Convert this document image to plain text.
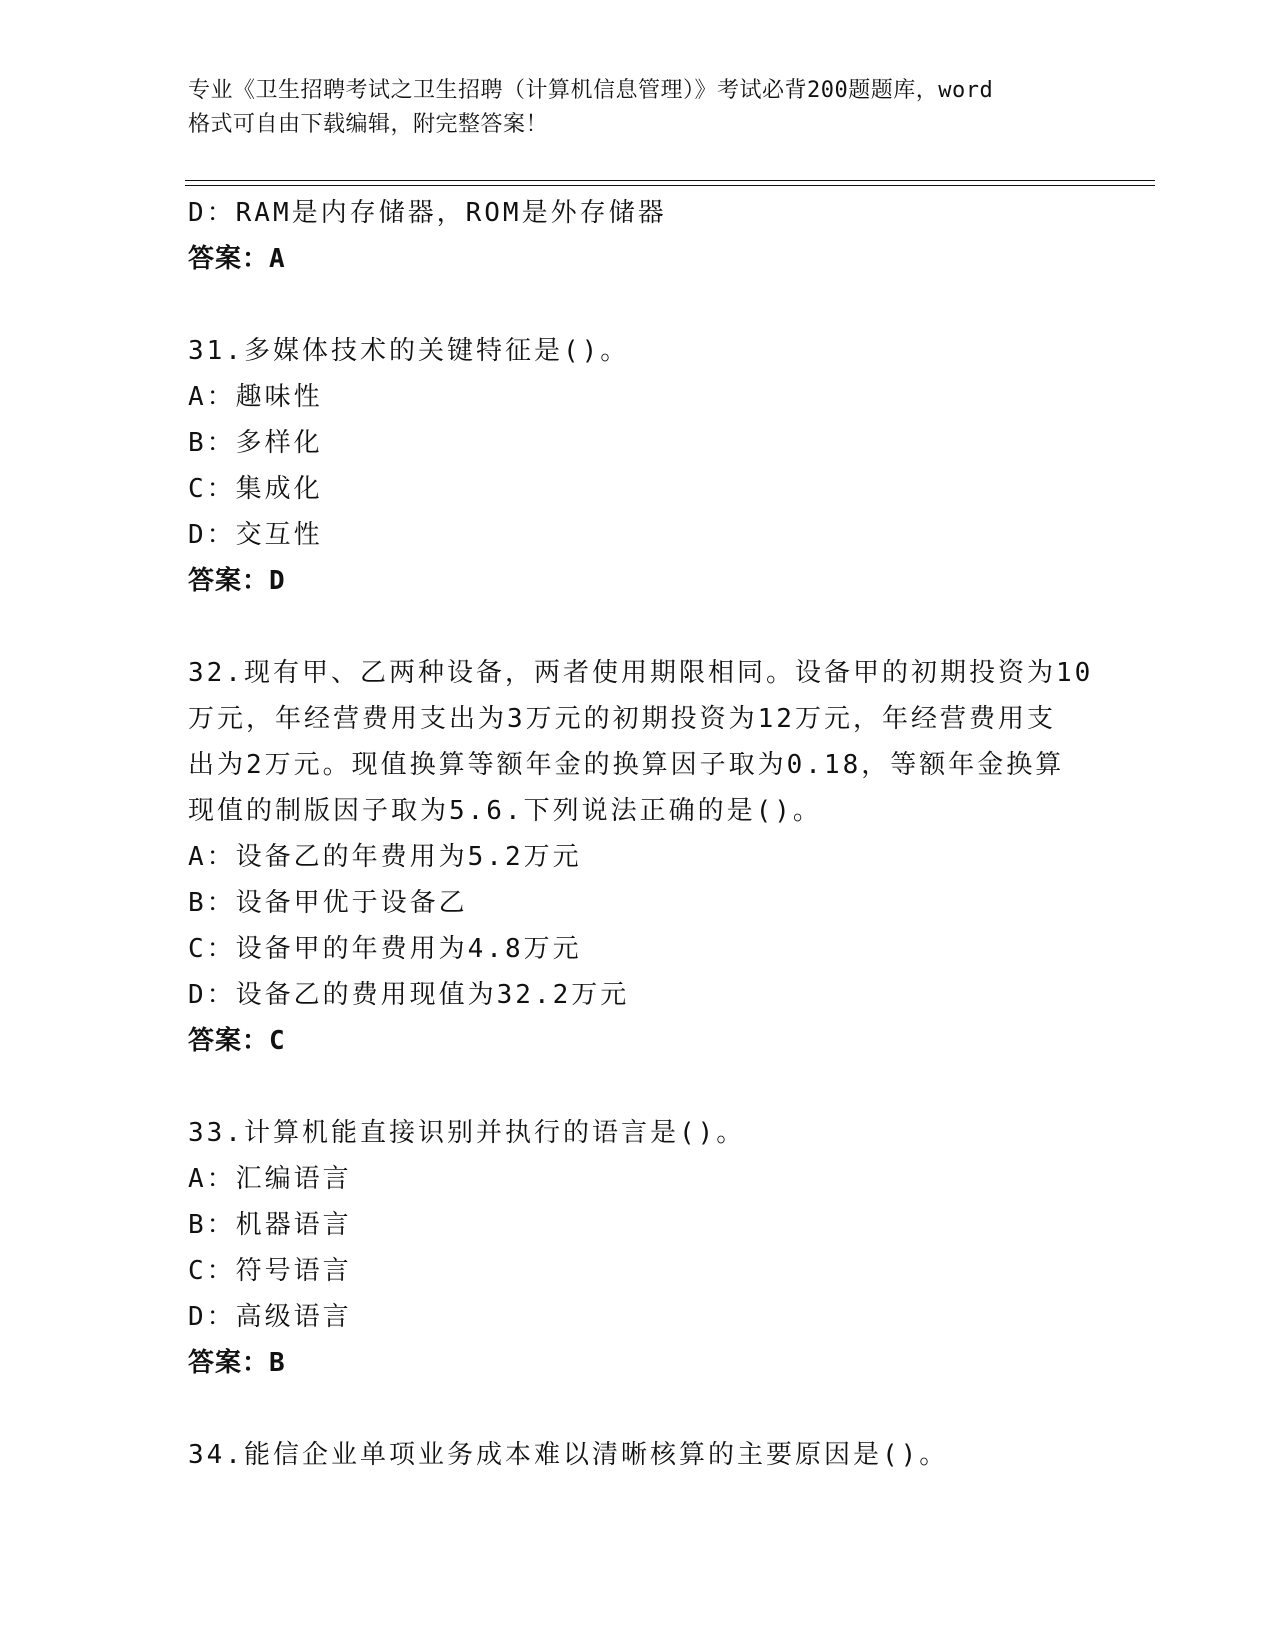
专业《卫生招聘考试之卫生招聘（计算机信息管理）》考试必背200题题库，word
格式可自由下载编辑，附完整答案！
D：RAM是内存储器，ROM是外存储器
答案：A
31.多媒体技术的关键特征是()。
A：趣味性
B：多样化
C：集成化
D：交互性
答案：D
32.现有甲、乙两种设备，两者使用期限相同。设备甲的初期投资为10
万元，年经营费用支出为3万元的初期投资为12万元，年经营费用支
出为2万元。现值换算等额年金的换算因子取为0.18，等额年金换算
现值的制版因子取为5.6.下列说法正确的是()。
A：设备乙的年费用为5.2万元
B：设备甲优于设备乙
C：设备甲的年费用为4.8万元
D：设备乙的费用现值为32.2万元
答案：C
33.计算机能直接识别并执行的语言是()。
A：汇编语言
B：机器语言
C：符号语言
D：高级语言
答案：B
34.能信企业单项业务成本难以清晰核算的主要原因是()。
